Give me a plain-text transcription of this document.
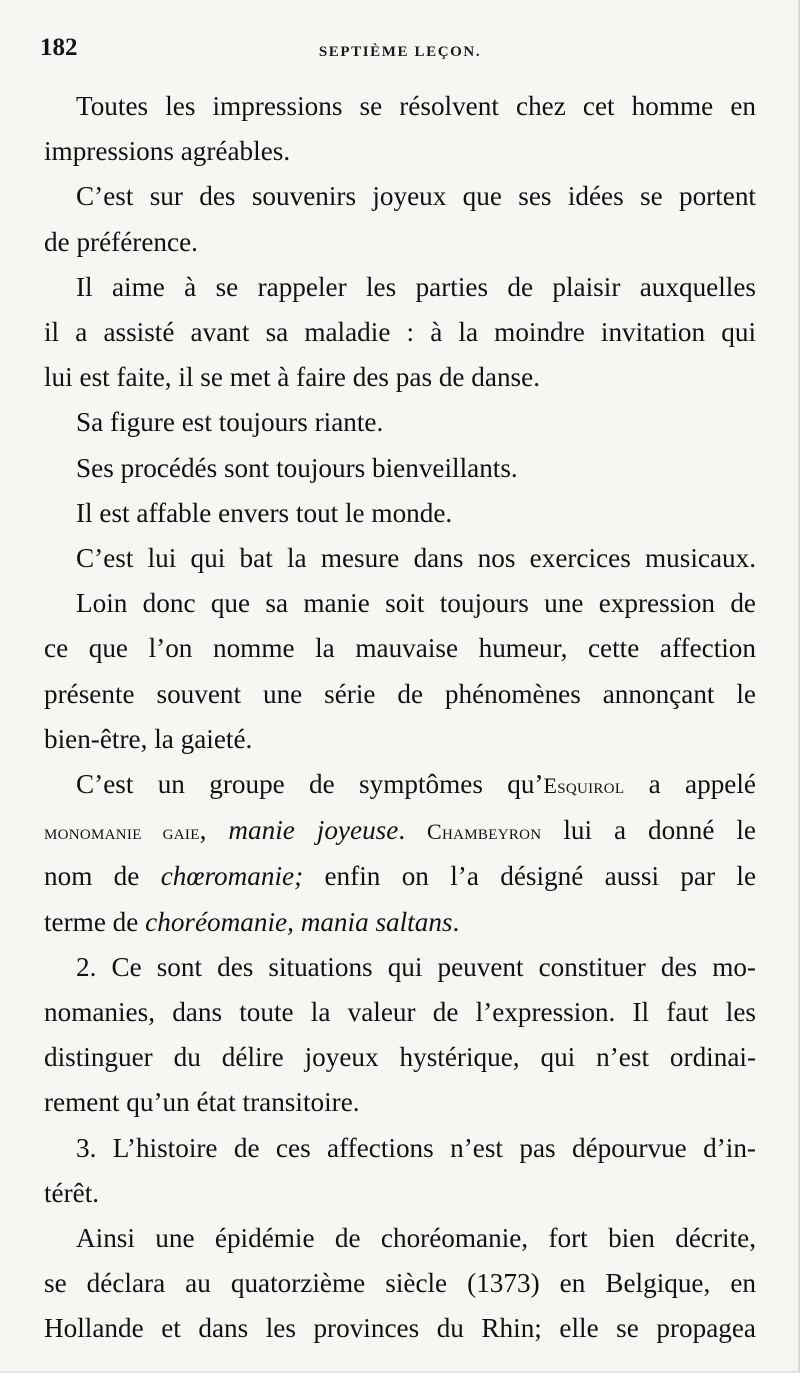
182	SEPTIÈME LEÇON.

Toutes les impressions se résolvent chez cet homme en
impressions agréables.

C’est sur des souvenirs joyeux que ses idées se portent
de préférence.

Il aime à se rappeler les parties de plaisir auxquelles
il a assisté avant sa maladie : à la moindre invitation qui
lui est faite, il se met à faire des pas de danse.

Sa figure est toujours riante.

Ses procédés sont toujours bienveillants.

Il est affable envers tout le monde.

C’est lui qui bat la mesure dans nos exercices musicaux.

Loin donc que sa manie soit toujours une expression de
ce que l’on nomme la mauvaise humeur, cette affection
présente souvent une série de phénomènes annonçant le
bien-être, la gaieté.

C’est un groupe de symptômes qu’Esquirol a appelé
monomanie gaie, manie joyeuse. Chambeyron lui a donné le
nom de chœromanie; enfin on l’a désigné aussi par le
terme de choréomanie, mania saltans.

2. Ce sont des situations qui peuvent constituer des mo-
nomanies, dans toute la valeur de l’expression. Il faut les
distinguer du délire joyeux hystérique, qui n’est ordinai-
rement qu’un état transitoire.

3. L’histoire de ces affections n’est pas dépourvue d’in-
térêt.

Ainsi une épidémie de choréomanie, fort bien décrite,
se déclara au quatorzième siècle (1373) en Belgique, en
Hollande et dans les provinces du Rhin; elle se propagea
